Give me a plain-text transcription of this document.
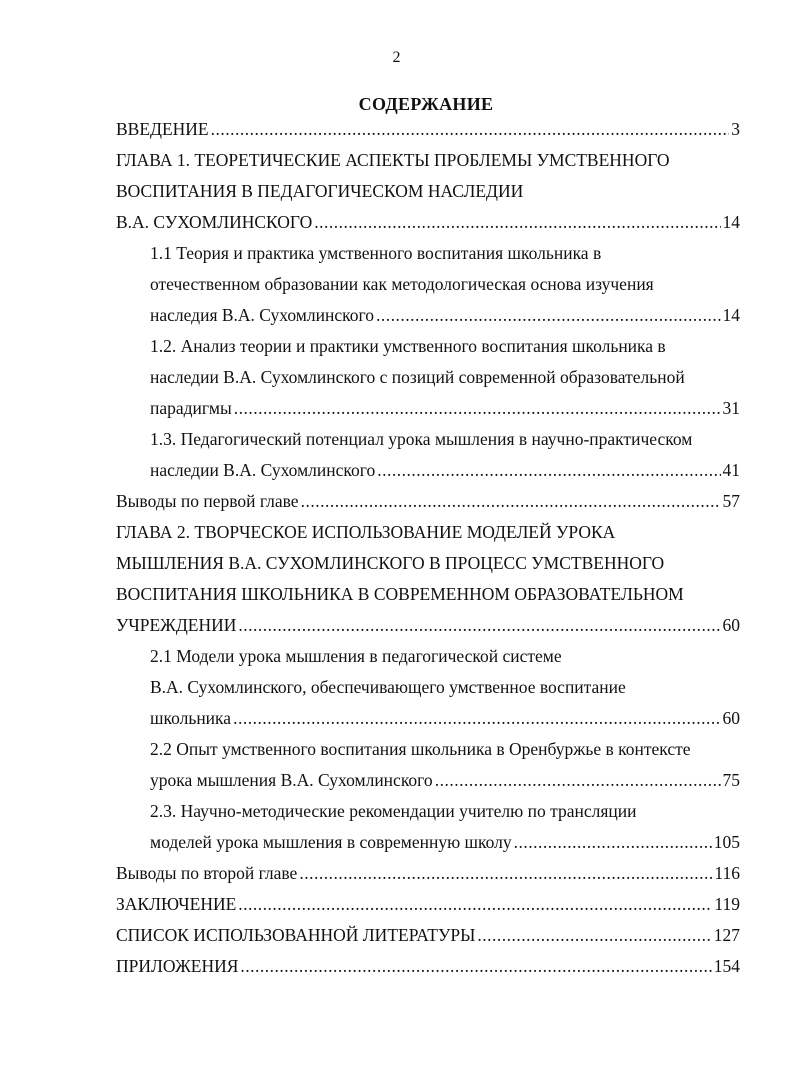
2
СОДЕРЖАНИЕ
ВВЕДЕНИЕ .....	3
ГЛАВА 1. ТЕОРЕТИЧЕСКИЕ АСПЕКТЫ ПРОБЛЕМЫ УМСТВЕННОГО
ВОСПИТАНИЯ В ПЕДАГОГИЧЕСКОМ НАСЛЕДИИ
В.А. СУХОМЛИНСКОГО .....	14
1.1 Теория и практика умственного воспитания школьника в
отечественном образовании как методологическая основа изучения
наследия В.А. Сухомлинского .....	14
1.2. Анализ теории и практики умственного воспитания школьника в
наследии В.А. Сухомлинского с позиций современной образовательной
парадигмы .....	31
1.3. Педагогический потенциал урока мышления в научно-практическом
наследии В.А. Сухомлинского .....	41
Выводы по первой главе .....	57
ГЛАВА 2. ТВОРЧЕСКОЕ ИСПОЛЬЗОВАНИЕ МОДЕЛЕЙ УРОКА
МЫШЛЕНИЯ В.А. СУХОМЛИНСКОГО В ПРОЦЕСС УМСТВЕННОГО
ВОСПИТАНИЯ ШКОЛЬНИКА В СОВРЕМЕННОМ ОБРАЗОВАТЕЛЬНОМ
УЧРЕЖДЕНИИ .....	60
2.1 Модели урока мышления в педагогической системе
В.А. Сухомлинского, обеспечивающего умственное воспитание
школьника .....	60
2.2 Опыт умственного воспитания школьника в Оренбуржье в контексте
урока мышления В.А. Сухомлинского .....	75
2.3. Научно-методические рекомендации учителю по трансляции
моделей урока мышления в современную школу .....	105
Выводы по второй главе .....	116
ЗАКЛЮЧЕНИЕ .....	119
СПИСОК ИСПОЛЬЗОВАННОЙ ЛИТЕРАТУРЫ .....	127
ПРИЛОЖЕНИЯ .....	154
